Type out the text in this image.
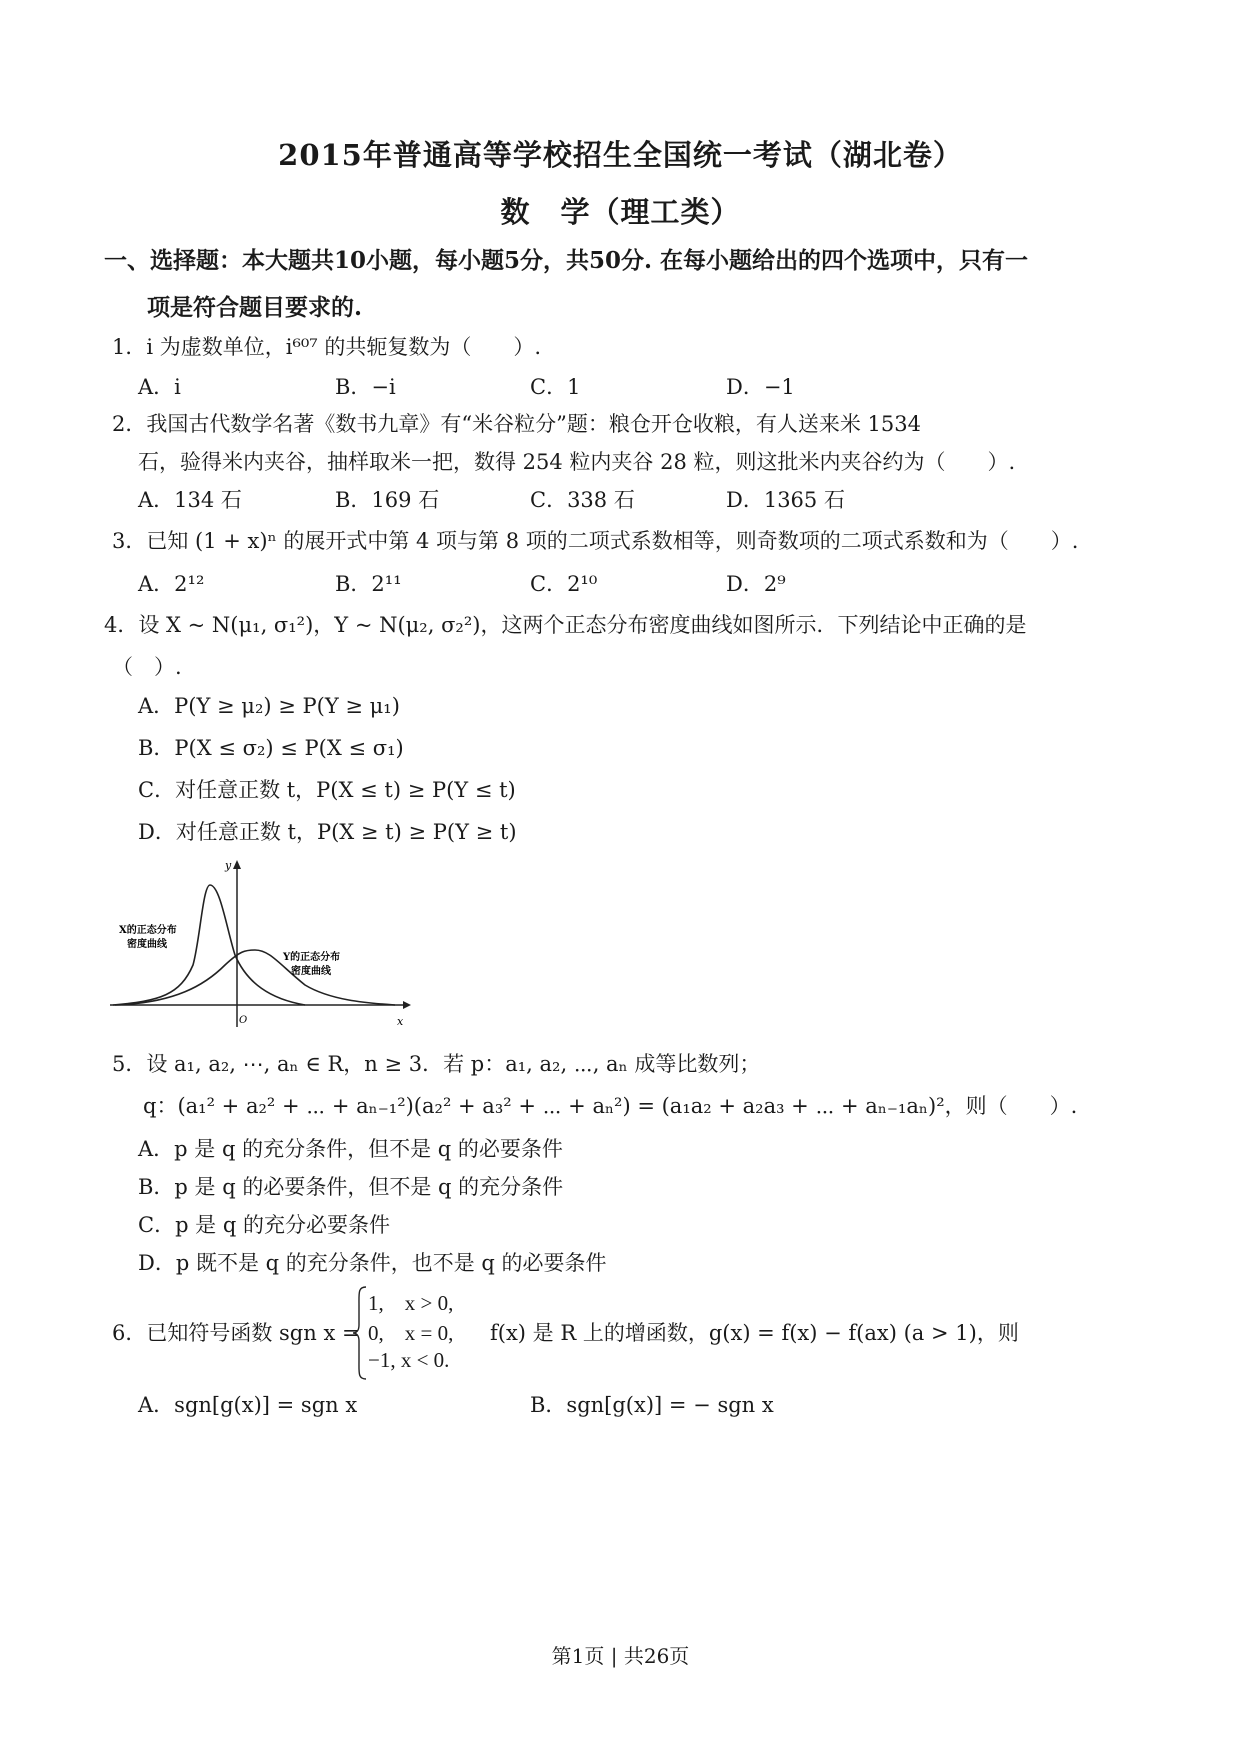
2015年普通高等学校招生全国统一考试（湖北卷）
数　学（理工类）
一、选择题：本大题共10小题，每小题5分，共50分. 在每小题给出的四个选项中，只有一
项是符合题目要求的.
1．i 为虚数单位，i⁶⁰⁷ 的共轭复数为（　　）.
A．i	B．−i	C．1	D．−1
2．我国古代数学名著《数书九章》有“米谷粒分”题：粮仓开仓收粮，有人送来米 1534
石，验得米内夹谷，抽样取米一把，数得 254 粒内夹谷 28 粒，则这批米内夹谷约为（　　）.
A．134 石	B．169 石	C．338 石	D．1365 石
3．已知 (1 + x)ⁿ 的展开式中第 4 项与第 8 项的二项式系数相等，则奇数项的二项式系数和为（　　）.
A．2¹²	B．2¹¹	C．2¹⁰	D．2⁹
4．设 X ~ N(μ₁, σ₁²)，Y ~ N(μ₂, σ₂²)，这两个正态分布密度曲线如图所示．下列结论中正确的是
（　）.
A．P(Y ≥ μ₂) ≥ P(Y ≥ μ₁)
B．P(X ≤ σ₂) ≤ P(X ≤ σ₁)
C．对任意正数 t，P(X ≤ t) ≥ P(Y ≤ t)
D．对任意正数 t，P(X ≥ t) ≥ P(Y ≥ t)
y
x
O
X的正态分布
密度曲线
Y的正态分布
密度曲线
5．设 a₁, a₂, ⋯, aₙ ∈ R，n ≥ 3．若 p：a₁, a₂, ⋯, aₙ 成等比数列；
q：(a₁² + a₂² + ⋯ + aₙ₋₁²)(a₂² + a₃² + ⋯ + aₙ²) = (a₁a₂ + a₂a₃ + ⋯ + aₙ₋₁aₙ)²，则（　　）.
A．p 是 q 的充分条件，但不是 q 的必要条件
B．p 是 q 的必要条件，但不是 q 的充分条件
C．p 是 q 的充分必要条件
D．p 既不是 q 的充分条件，也不是 q 的必要条件
6．已知符号函数 sgn x =
1,　x > 0,
0,　x = 0,
−1, x < 0.
f(x) 是 R 上的增函数，g(x) = f(x) − f(ax) (a > 1)，则
A．sgn[g(x)] = sgn x	B．sgn[g(x)] = − sgn x
第1页 | 共26页
